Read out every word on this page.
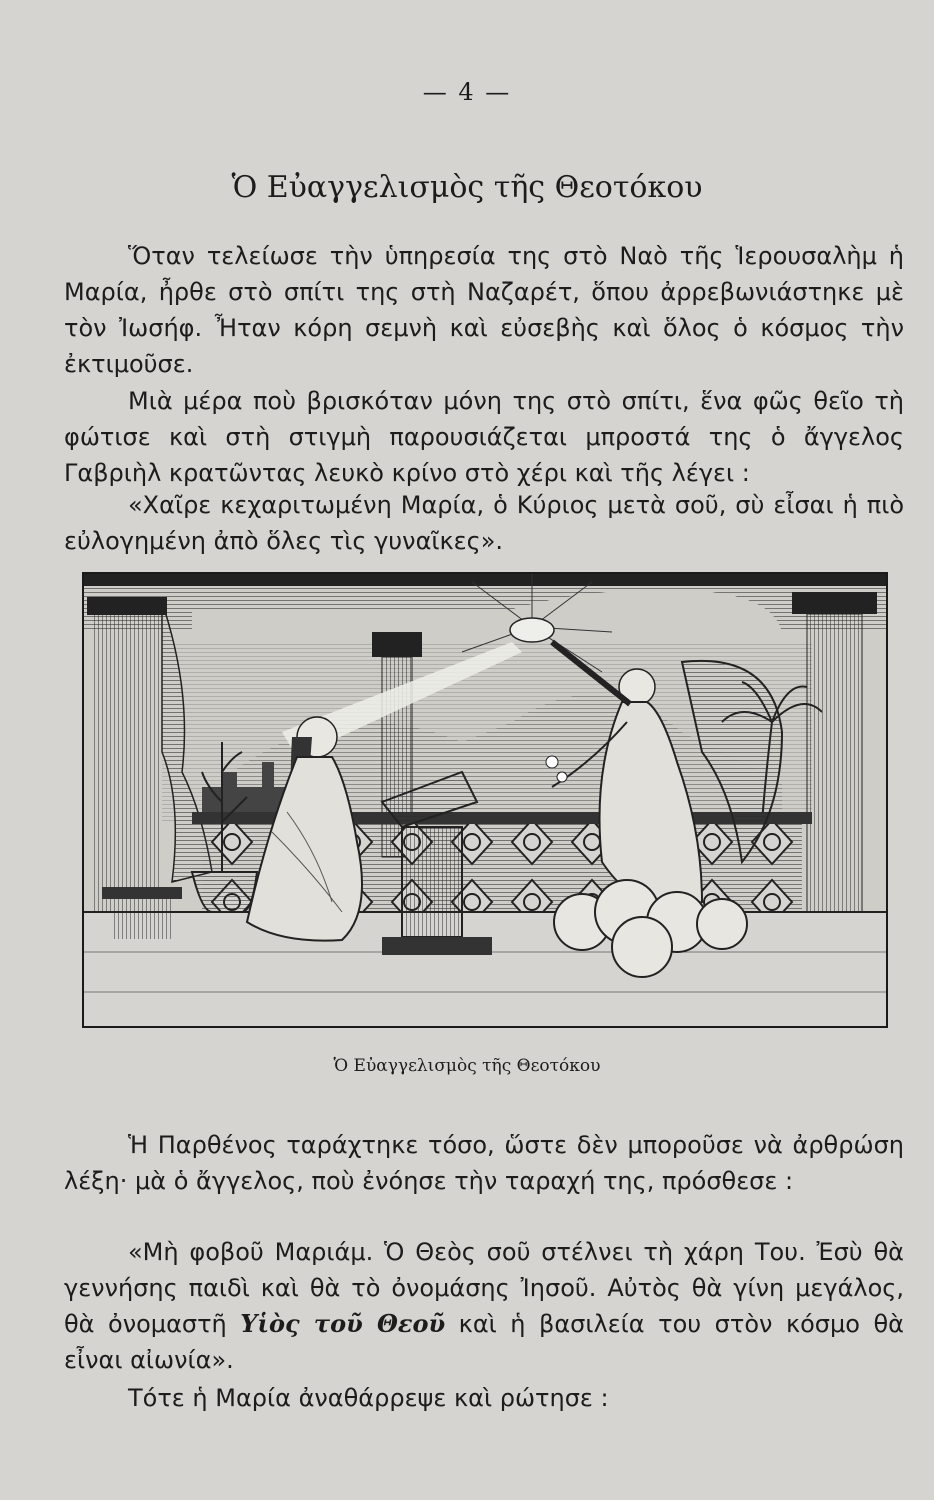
— 4 —
Ὁ Εὐαγγελισμὸς τῆς Θεοτόκου

Ὅταν τελείωσε τὴν ὑπηρεσία της στὸ Ναὸ τῆς Ἱερουσαλὴμ ἡ Μαρία, ἦρθε στὸ σπίτι της στὴ Ναζαρέτ, ὅπου ἀρρεβωνιάστηκε μὲ τὸν Ἰωσήφ. Ἦταν κόρη σεμνὴ καὶ εὐσεβὴς καὶ ὅλος ὁ κόσμος τὴν ἐκτιμοῦσε.

Μιὰ μέρα ποὺ βρισκόταν μόνη της στὸ σπίτι, ἕνα φῶς θεῖο τὴ φώτισε καὶ στὴ στιγμὴ παρουσιάζεται μπροστά της ὁ ἄγγελος Γαβριὴλ κρατῶντας λευκὸ κρίνο στὸ χέρι καὶ τῆς λέγει :

«Χαῖρε κεχαριτωμένη Μαρία, ὁ Κύριος μετὰ σοῦ, σὺ εἶσαι ἡ πιὸ εὐλογημένη ἀπὸ ὅλες τὶς γυναῖκες».

Ὁ Εὐαγγελισμὸς τῆς Θεοτόκου

Ἡ Παρθένος ταράχτηκε τόσο, ὥστε δὲν μποροῦσε νὰ ἀρθρώση λέξη· μὰ ὁ ἄγγελος, ποὺ ἐνόησε τὴν ταραχή της, πρόσθεσε :

«Μὴ φοβοῦ Μαριάμ. Ὁ Θεὸς σοῦ στέλνει τὴ χάρη Του. Ἐσὺ θὰ γεννήσης παιδὶ καὶ θὰ τὸ ὀνομάσης Ἰησοῦ. Αὐτὸς θὰ γίνη μεγάλος, θὰ ὀνομαστῆ Υἱὸς τοῦ Θεοῦ καὶ ἡ βασιλεία του στὸν κόσμο θὰ εἶναι αἰωνία».

Τότε ἡ Μαρία ἀναθάρρεψε καὶ ρώτησε :
